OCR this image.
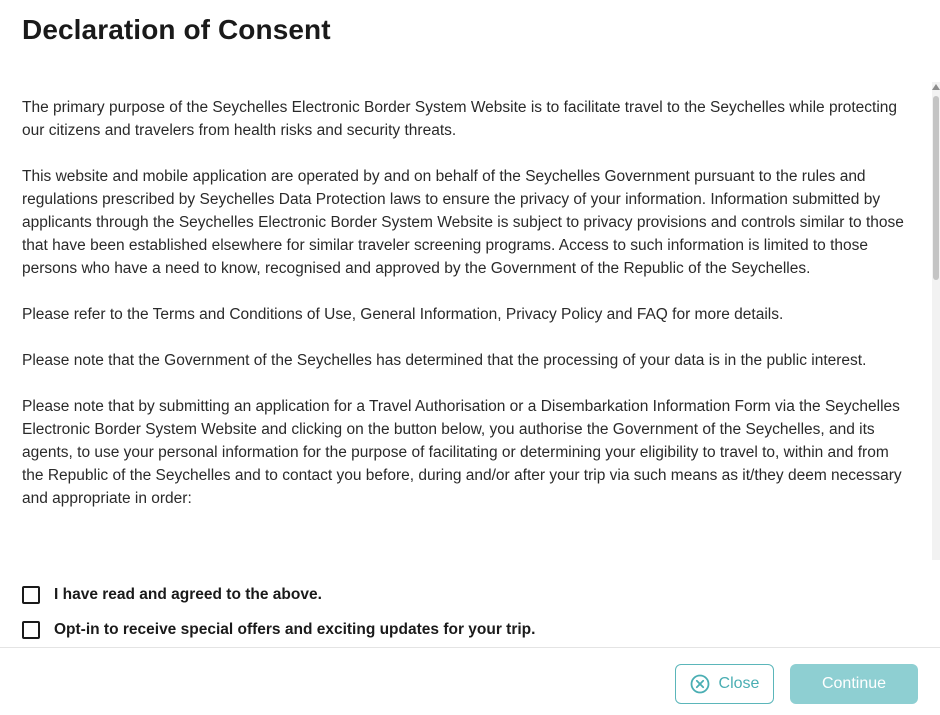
Declaration of Consent

The primary purpose of the Seychelles Electronic Border System Website is to facilitate travel to the Seychelles while protecting our citizens and travelers from health risks and security threats.

This website and mobile application are operated by and on behalf of the Seychelles Government pursuant to the rules and regulations prescribed by Seychelles Data Protection laws to ensure the privacy of your information. Information submitted by applicants through the Seychelles Electronic Border System Website is subject to privacy provisions and controls similar to those that have been established elsewhere for similar traveler screening programs. Access to such information is limited to those persons who have a need to know, recognised and approved by the Government of the Republic of the Seychelles.

Please refer to the Terms and Conditions of Use, General Information, Privacy Policy and FAQ for more details.

Please note that the Government of the Seychelles has determined that the processing of your data is in the public interest.

Please note that by submitting an application for a Travel Authorisation or a Disembarkation Information Form via the Seychelles Electronic Border System Website and clicking on the button below, you authorise the Government of the Seychelles, and its agents, to use your personal information for the purpose of facilitating or determining your eligibility to travel to, within and from the Republic of the Seychelles and to contact you before, during and/or after your trip via such means as it/they deem necessary and appropriate in order:

I have read and agreed to the above.
Opt-in to receive special offers and exciting updates for your trip.
Close	Continue
